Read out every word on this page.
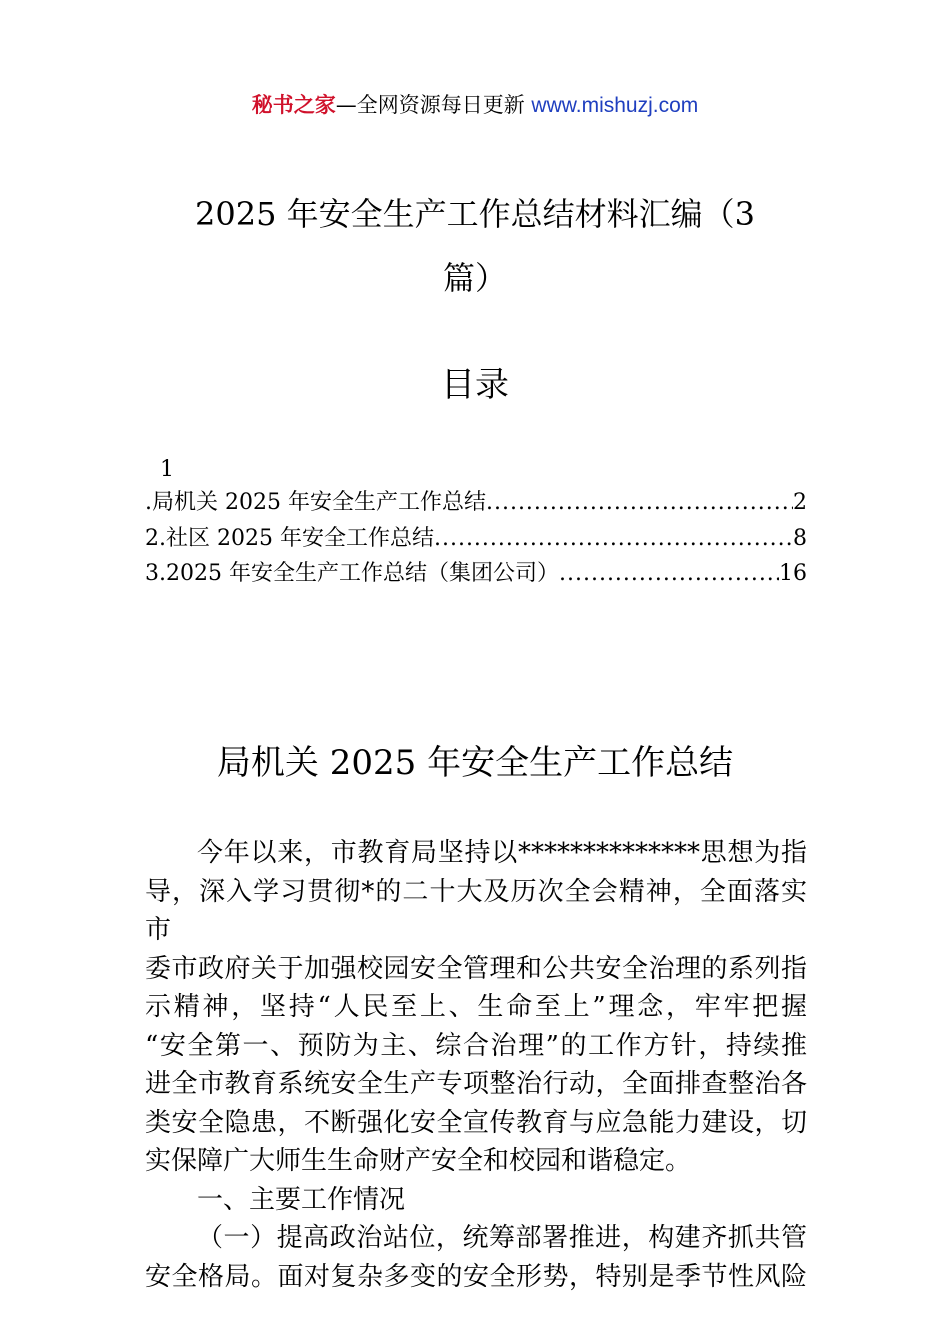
秘书之家—全网资源每日更新 www.mishuzj.com
2025 年安全生产工作总结材料汇编（3
篇）
目录
1
.局机关 2025 年安全生产工作总结 .....	2
2.社区 2025 年安全工作总结 .....	8
3.2025 年安全生产工作总结（集团公司） .....	16
局机关 2025 年安全生产工作总结

今年以来，市教育局坚持以**************思想为指

导，深入学习贯彻*的二十大及历次全会精神，全面落实市

委市政府关于加强校园安全管理和公共安全治理的系列指

示精神，坚持“人民至上、生命至上”理念，牢牢把握

“安全第一、预防为主、综合治理”的工作方针，持续推

进全市教育系统安全生产专项整治行动，全面排查整治各

类安全隐患，不断强化安全宣传教育与应急能力建设，切

实保障广大师生生命财产安全和校园和谐稳定。

一、主要工作情况

（一）提高政治站位，统筹部署推进，构建齐抓共管

安全格局。面对复杂多变的安全形势，特别是季节性风险
